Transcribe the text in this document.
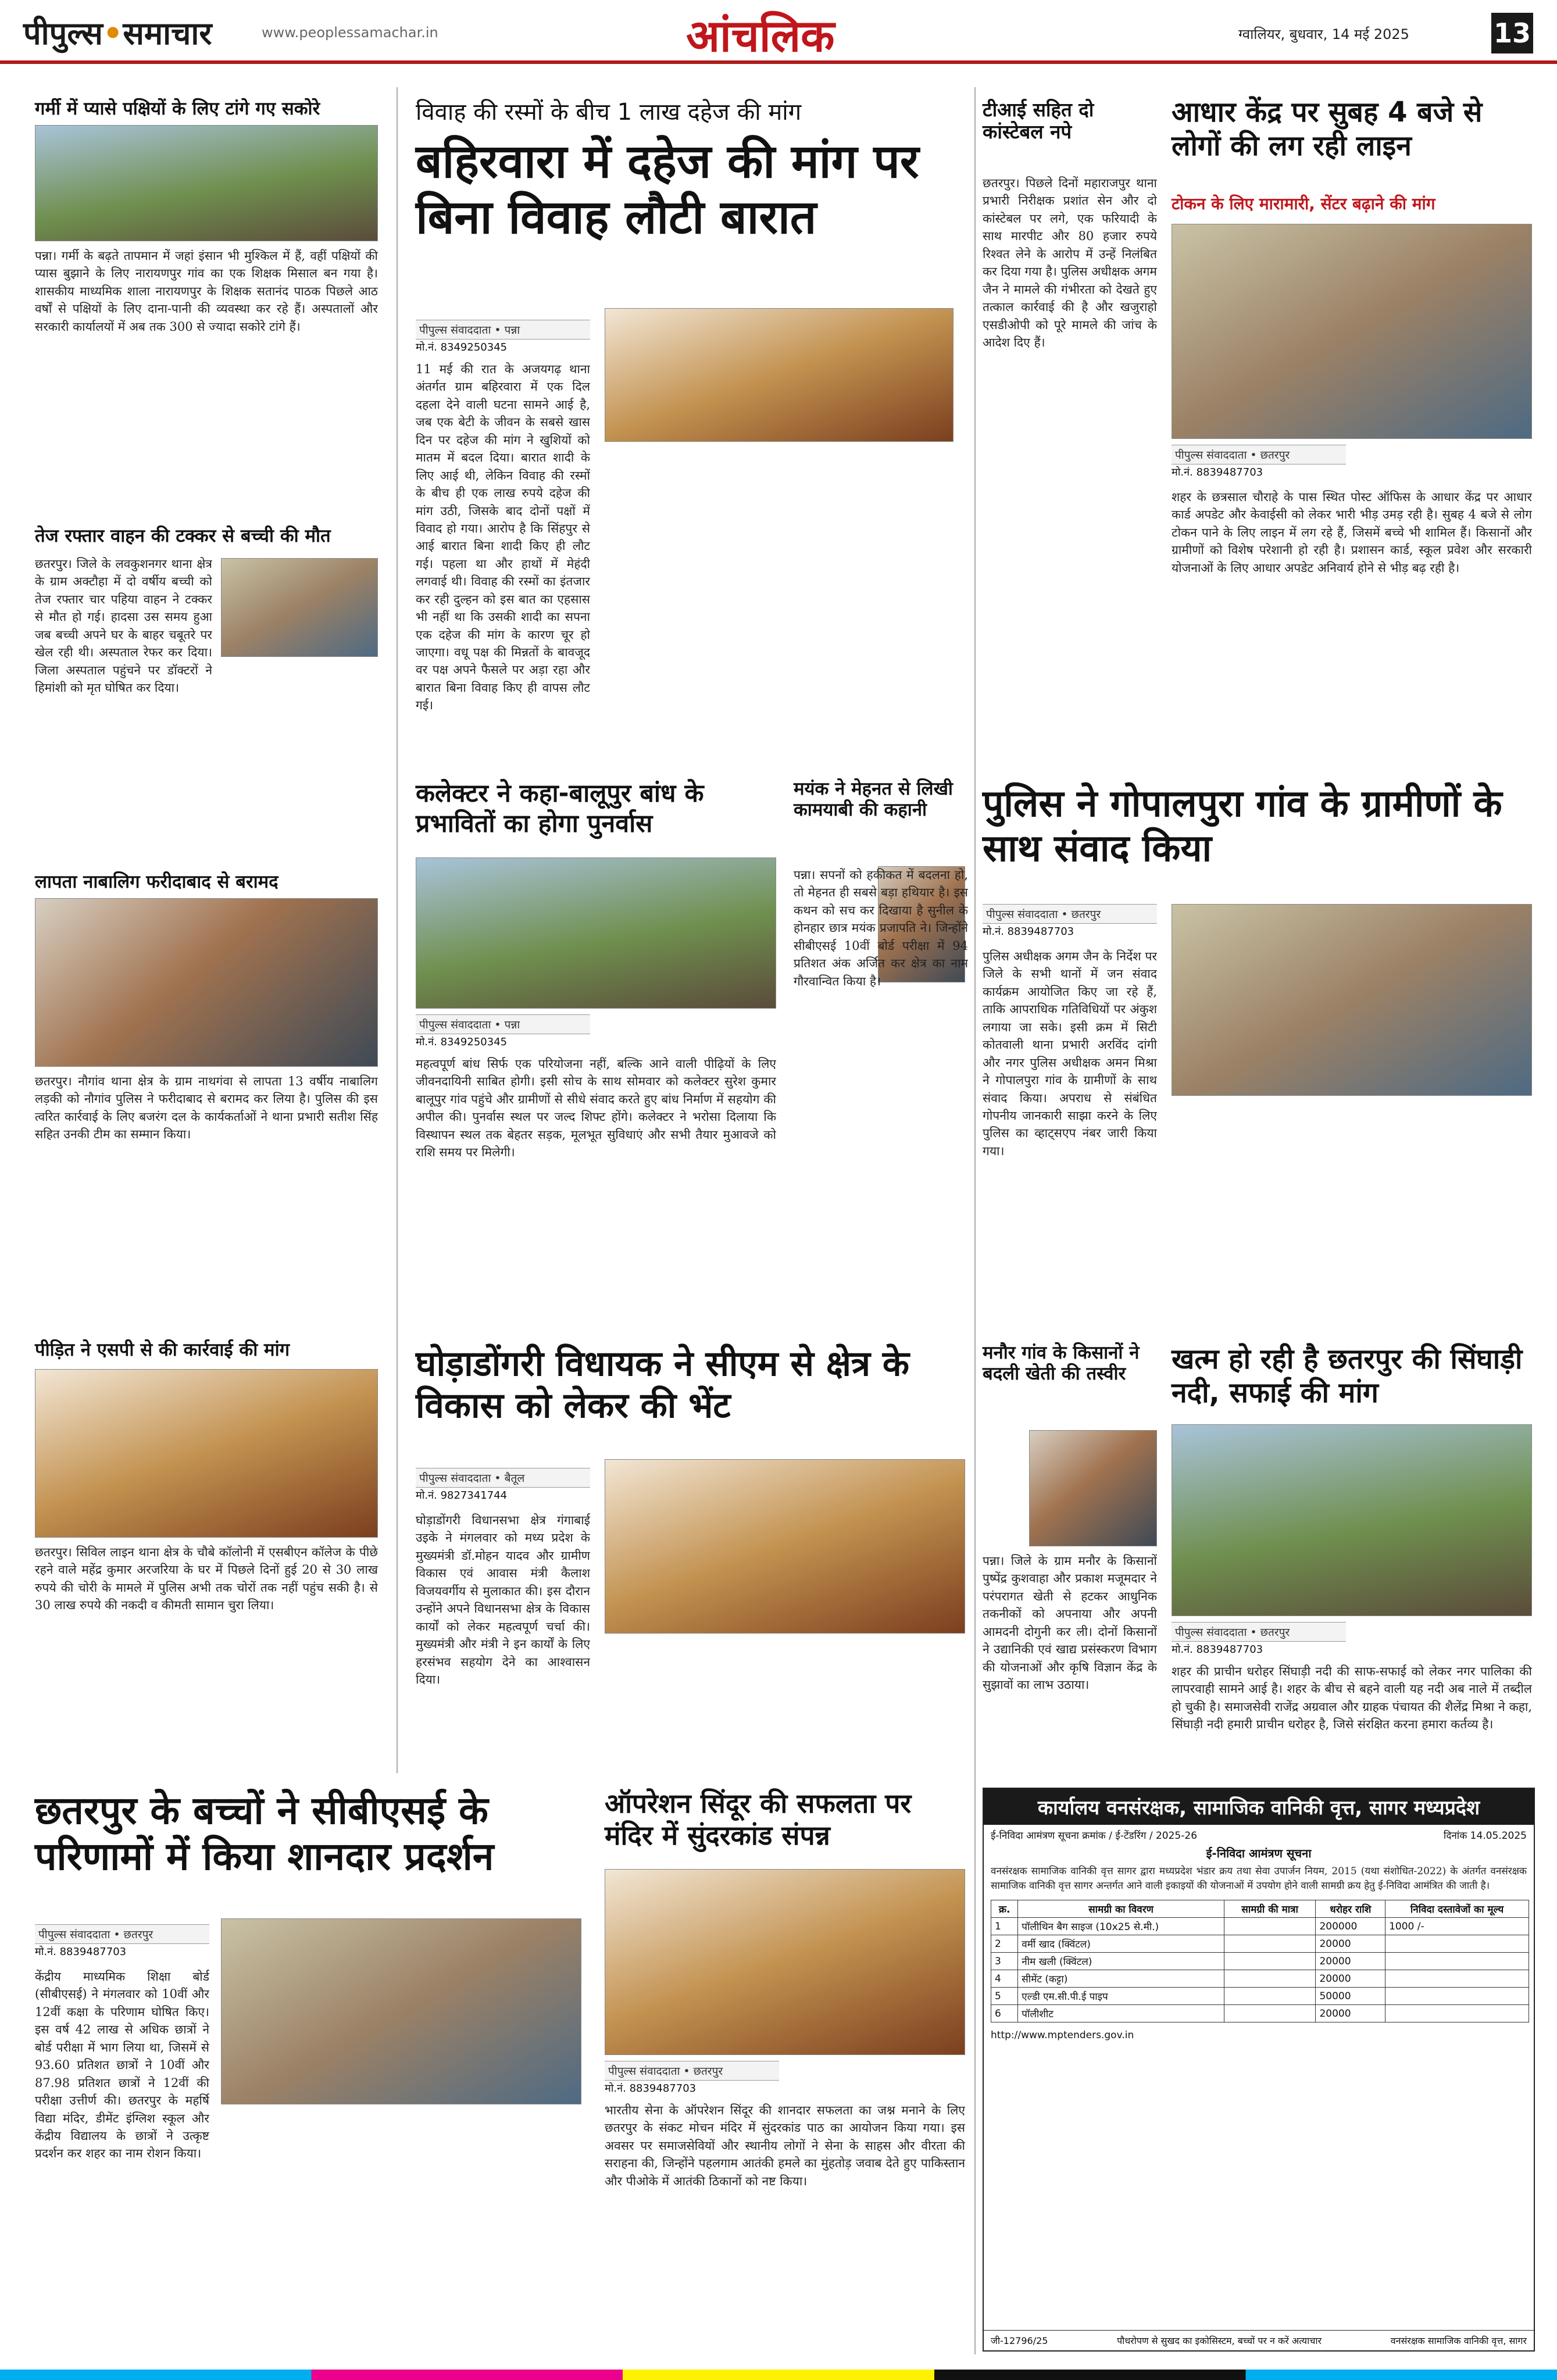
पीपुल्स•समाचार	www.peoplessamachar.in	आंचलिक	ग्वालियर, बुधवार, 14 मई 2025	13
गर्मी में प्यासे पक्षियों के लिए टांगे गए सकोरे
पन्ना। गर्मी के बढ़ते तापमान में जहां इंसान भी मुश्किल में हैं, वहीं पक्षियों की प्यास बुझाने के लिए नारायणपुर गांव का एक शिक्षक मिसाल बन गया है। शासकीय माध्यमिक शाला नारायणपुर के शिक्षक सतानंद पाठक पिछले आठ वर्षों से पक्षियों के लिए दाना-पानी की व्यवस्था कर रहे हैं। अस्पतालों और सरकारी कार्यालयों में अब तक 300 से ज्यादा सकोरे टांगे हैं।
तेज रफ्तार वाहन की टक्कर से बच्ची की मौत
छतरपुर। जिले के लवकुशनगर थाना क्षेत्र के ग्राम अक्टौहा में दो वर्षीय बच्ची को तेज रफ्तार चार पहिया वाहन ने टक्कर से मौत हो गई। हादसा उस समय हुआ जब बच्ची अपने घर के बाहर चबूतरे पर खेल रही थी। अस्पताल रेफर कर दिया। जिला अस्पताल पहुंचने पर डॉक्टरों ने हिमांशी को मृत घोषित कर दिया।
लापता नाबालिग फरीदाबाद से बरामद
छतरपुर। नौगांव थाना क्षेत्र के ग्राम नाथगंवा से लापता 13 वर्षीय नाबालिग लड़की को नौगांव पुलिस ने फरीदाबाद से बरामद कर लिया है। पुलिस की इस त्वरित कार्रवाई के लिए बजरंग दल के कार्यकर्ताओं ने थाना प्रभारी सतीश सिंह सहित उनकी टीम का सम्मान किया।
पीड़ित ने एसपी से की कार्रवाई की मांग
छतरपुर। सिविल लाइन थाना क्षेत्र के चौबे कॉलोनी में एसबीएन कॉलेज के पीछे रहने वाले महेंद्र कुमार अरजरिया के घर में पिछले दिनों हुई 20 से 30 लाख रुपये की चोरी के मामले में पुलिस अभी तक चोरों तक नहीं पहुंच सकी है। से 30 लाख रुपये की नकदी व कीमती सामान चुरा लिया।
विवाह की रस्मों के बीच 1 लाख दहेज की मांग
बहिरवारा में दहेज की मांग पर बिना विवाह लौटी बारात
पीपुल्स संवाददाता • पन्ना
मो.नं. 8349250345
11 मई की रात के अजयगढ़ थाना अंतर्गत ग्राम बहिरवारा में एक दिल दहला देने वाली घटना सामने आई है, जब एक बेटी के जीवन के सबसे खास दिन पर दहेज की मांग ने खुशियों को मातम में बदल दिया। बारात शादी के लिए आई थी, लेकिन विवाह की रस्मों के बीच ही एक लाख रुपये दहेज की मांग उठी, जिसके बाद दोनों पक्षों में विवाद हो गया। आरोप है कि सिंहपुर से आई बारात बिना शादी किए ही लौट गई। पहला था और हाथों में मेहंदी लगवाई थी। विवाह की रस्मों का इंतजार कर रही दुल्हन को इस बात का एहसास भी नहीं था कि उसकी शादी का सपना एक दहेज की मांग के कारण चूर हो जाएगा। वधू पक्ष की मिन्नतों के बावजूद वर पक्ष अपने फैसले पर अड़ा रहा और बारात बिना विवाह किए ही वापस लौट गई।
टीआई सहित दो कांस्टेबल नपे
छतरपुर। पिछले दिनों महाराजपुर थाना प्रभारी निरीक्षक प्रशांत सेन और दो कांस्टेबल पर लगे, एक फरियादी के साथ मारपीट और 80 हजार रुपये रिश्वत लेने के आरोप में उन्हें निलंबित कर दिया गया है। पुलिस अधीक्षक अगम जैन ने मामले की गंभीरता को देखते हुए तत्काल कार्रवाई की है और खजुराहो एसडीओपी को पूरे मामले की जांच के आदेश दिए हैं।
आधार केंद्र पर सुबह 4 बजे से लोगों की लग रही लाइन
टोकन के लिए मारामारी, सेंटर बढ़ाने की मांग
पीपुल्स संवाददाता • छतरपुर
मो.नं. 8839487703
शहर के छत्रसाल चौराहे के पास स्थित पोस्ट ऑफिस के आधार केंद्र पर आधार कार्ड अपडेट और केवाईसी को लेकर भारी भीड़ उमड़ रही है। सुबह 4 बजे से लोग टोकन पाने के लिए लाइन में लग रहे हैं, जिसमें बच्चे भी शामिल हैं। किसानों और ग्रामीणों को विशेष परेशानी हो रही है। प्रशासन कार्ड, स्कूल प्रवेश और सरकारी योजनाओं के लिए आधार अपडेट अनिवार्य होने से भीड़ बढ़ रही है।
कलेक्टर ने कहा-बालूपुर बांध के प्रभावितों का होगा पुनर्वास
पीपुल्स संवाददाता • पन्ना
मो.नं. 8349250345
महत्वपूर्ण बांध सिर्फ एक परियोजना नहीं, बल्कि आने वाली पीढ़ियों के लिए जीवनदायिनी साबित होगी। इसी सोच के साथ सोमवार को कलेक्टर सुरेश कुमार बालूपुर गांव पहुंचे और ग्रामीणों से सीधे संवाद करते हुए बांध निर्माण में सहयोग की अपील की। पुनर्वास स्थल पर जल्द शिफ्ट होंगे। कलेक्टर ने भरोसा दिलाया कि विस्थापन स्थल तक बेहतर सड़क, मूलभूत सुविधाएं और सभी तैयार मुआवजे को राशि समय पर मिलेगी।
मयंक ने मेहनत से लिखी कामयाबी की कहानी
पन्ना। सपनों को हकीकत में बदलना हो, तो मेहनत ही सबसे बड़ा हथियार है। इस कथन को सच कर दिखाया है सुनील के होनहार छात्र मयंक प्रजापति ने। जिन्होंने सीबीएसई 10वीं बोर्ड परीक्षा में 94 प्रतिशत अंक अर्जित कर क्षेत्र का नाम गौरवान्वित किया है।
पुलिस ने गोपालपुरा गांव के ग्रामीणों के साथ संवाद किया
पीपुल्स संवाददाता • छतरपुर
मो.नं. 8839487703
पुलिस अधीक्षक अगम जैन के निर्देश पर जिले के सभी थानों में जन संवाद कार्यक्रम आयोजित किए जा रहे हैं, ताकि आपराधिक गतिविधियों पर अंकुश लगाया जा सके। इसी क्रम में सिटी कोतवाली थाना प्रभारी अरविंद दांगी और नगर पुलिस अधीक्षक अमन मिश्रा ने गोपालपुरा गांव के ग्रामीणों के साथ संवाद किया। अपराध से संबंधित गोपनीय जानकारी साझा करने के लिए पुलिस का व्हाट्सएप नंबर जारी किया गया।
घोड़ाडोंगरी विधायक ने सीएम से क्षेत्र के विकास को लेकर की भेंट
पीपुल्स संवाददाता • बैतूल
मो.नं. 9827341744
घोड़ाडोंगरी विधानसभा क्षेत्र गंगाबाई उइके ने मंगलवार को मध्य प्रदेश के मुख्यमंत्री डॉ.मोहन यादव और ग्रामीण विकास एवं आवास मंत्री कैलाश विजयवर्गीय से मुलाकात की। इस दौरान उन्होंने अपने विधानसभा क्षेत्र के विकास कार्यों को लेकर महत्वपूर्ण चर्चा की। मुख्यमंत्री और मंत्री ने इन कार्यों के लिए हरसंभव सहयोग देने का आश्वासन दिया।
मनौर गांव के किसानों ने बदली खेती की तस्वीर
पन्ना। जिले के ग्राम मनौर के किसानों पुष्पेंद्र कुशवाहा और प्रकाश मजूमदार ने परंपरागत खेती से हटकर आधुनिक तकनीकों को अपनाया और अपनी आमदनी दोगुनी कर ली। दोनों किसानों ने उद्यानिकी एवं खाद्य प्रसंस्करण विभाग की योजनाओं और कृषि विज्ञान केंद्र के सुझावों का लाभ उठाया।
खत्म हो रही है छतरपुर की सिंघाड़ी नदी, सफाई की मांग
पीपुल्स संवाददाता • छतरपुर
मो.नं. 8839487703
शहर की प्राचीन धरोहर सिंघाड़ी नदी की साफ-सफाई को लेकर नगर पालिका की लापरवाही सामने आई है। शहर के बीच से बहने वाली यह नदी अब नाले में तब्दील हो चुकी है। समाजसेवी राजेंद्र अग्रवाल और ग्राहक पंचायत की शैलेंद्र मिश्रा ने कहा, सिंघाड़ी नदी हमारी प्राचीन धरोहर है, जिसे संरक्षित करना हमारा कर्तव्य है।
छतरपुर के बच्चों ने सीबीएसई के परिणामों में किया शानदार प्रदर्शन
पीपुल्स संवाददाता • छतरपुर
मो.नं. 8839487703
केंद्रीय माध्यमिक शिक्षा बोर्ड (सीबीएसई) ने मंगलवार को 10वीं और 12वीं कक्षा के परिणाम घोषित किए। इस वर्ष 42 लाख से अधिक छात्रों ने बोर्ड परीक्षा में भाग लिया था, जिसमें से 93.60 प्रतिशत छात्रों ने 10वीं और 87.98 प्रतिशत छात्रों ने 12वीं की परीक्षा उत्तीर्ण की। छतरपुर के महर्षि विद्या मंदिर, डीमेंट इंग्लिश स्कूल और केंद्रीय विद्यालय के छात्रों ने उत्कृष्ट प्रदर्शन कर शहर का नाम रोशन किया।
ऑपरेशन सिंदूर की सफलता पर मंदिर में सुंदरकांड संपन्न
पीपुल्स संवाददाता • छतरपुर
मो.नं. 8839487703
भारतीय सेना के ऑपरेशन सिंदूर की शानदार सफलता का जश्न मनाने के लिए छतरपुर के संकट मोचन मंदिर में सुंदरकांड पाठ का आयोजन किया गया। इस अवसर पर समाजसेवियों और स्थानीय लोगों ने सेना के साहस और वीरता की सराहना की, जिन्होंने पहलगाम आतंकी हमले का मुंहतोड़ जवाब देते हुए पाकिस्तान और पीओके में आतंकी ठिकानों को नष्ट किया।
कार्यालय वनसंरक्षक, सामाजिक वानिकी वृत्त, सागर मध्यप्रदेश
ई-निविदा आमंत्रण सूचना क्रमांक / ई-टेंडरिंग / 2025-26	दिनांक 14.05.2025
ई-निविदा आमंत्रण सूचना
वनसंरक्षक सामाजिक वानिकी वृत्त सागर द्वारा मध्यप्रदेश भंडार क्रय तथा सेवा उपार्जन नियम, 2015 (यथा संशोधित-2022) के अंतर्गत वनसंरक्षक सामाजिक वानिकी वृत्त सागर अन्तर्गत आने वाली इकाइयों की योजनाओं में उपयोग होने वाली सामग्री क्रय हेतु ई-निविदा आमंत्रित की जाती है।
क्र.	सामग्री का विवरण	सामग्री की मात्रा	धरोहर राशि	निविदा दस्तावेजों का मूल्य
1	पॉलीथिन बैग साइज (10x25 से.मी.)		200000	1000 /-
2	वर्मी खाद (क्विंटल)		20000	
3	नीम खली (क्विंटल)		20000	
4	सीमेंट (कट्टा)		20000	
5	एल्डी एम.सी.पी.ई पाइप		50000	
6	पॉलीशीट		20000	
http://www.mptenders.gov.in
जी-12796/25	पौधरोपण से सुखद का इकोसिस्टम, बच्चों पर न करें अत्याचार	वनसंरक्षक सामाजिक वानिकी वृत्त, सागर
